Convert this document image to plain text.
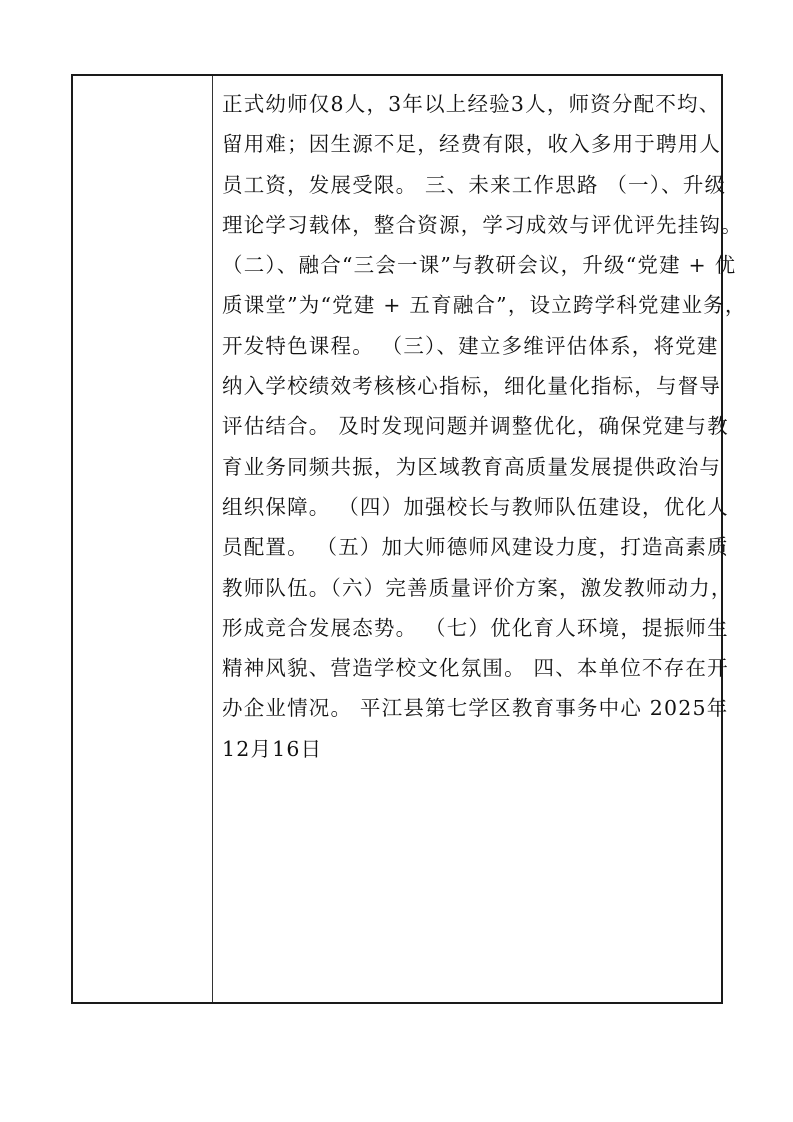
正式幼师仅8人，3年以上经验3人，师资分配不均、
留用难；因生源不足，经费有限，收入多用于聘用人
员工资，发展受限。 三、未来工作思路 （一）、升级
理论学习载体，整合资源，学习成效与评优评先挂钩。
（二）、融合“三会一课”与教研会议，升级“党建 + 优
质课堂”为“党建 + 五育融合”，设立跨学科党建业务，
开发特色课程。 （三）、建立多维评估体系，将党建
纳入学校绩效考核核心指标，细化量化指标，与督导
评估结合。 及时发现问题并调整优化，确保党建与教
育业务同频共振，为区域教育高质量发展提供政治与
组织保障。 （四）加强校长与教师队伍建设，优化人
员配置。 （五）加大师德师风建设力度，打造高素质
教师队伍。（六）完善质量评价方案，激发教师动力，
形成竞合发展态势。 （七）优化育人环境，提振师生
精神风貌、营造学校文化氛围。 四、本单位不存在开
办企业情况。 平江县第七学区教育事务中心 2025年
12月16日
